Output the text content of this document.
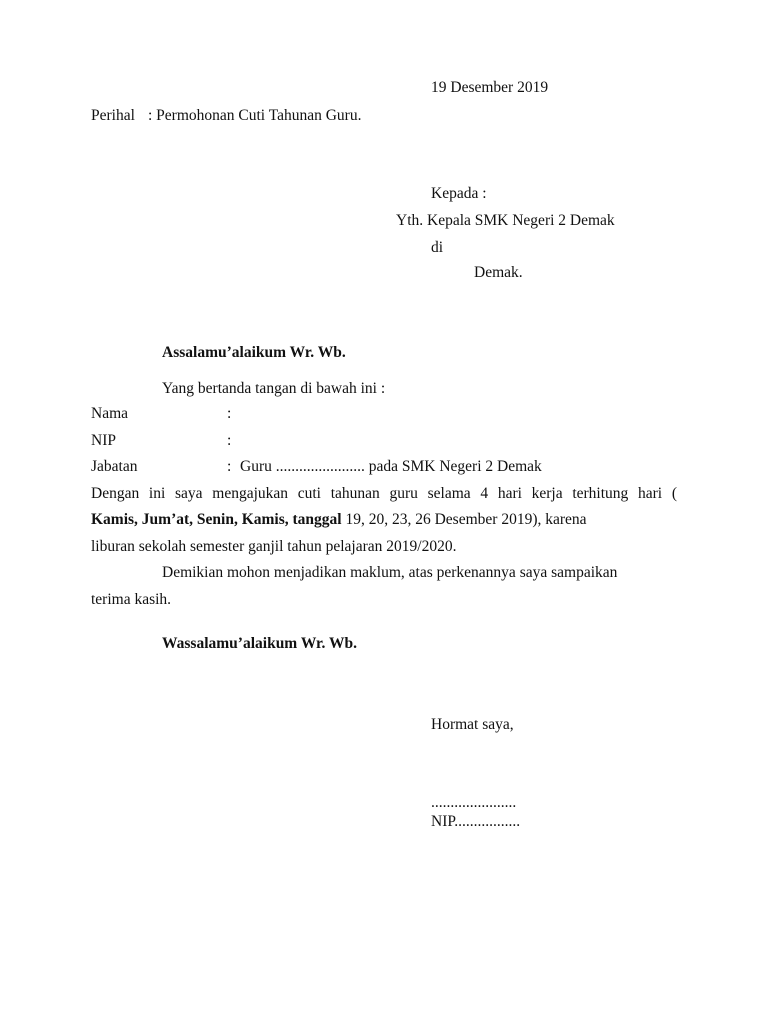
19 Desember 2019
Perihal : Permohonan Cuti Tahunan Guru.
Kepada :
Yth. Kepala SMK Negeri 2 Demak
di
Demak.
Assalamu’alaikum Wr. Wb.
Yang bertanda tangan di bawah ini :
Nama	:
NIP	:
Jabatan	: Guru ....................... pada SMK Negeri 2 Demak
Dengan ini saya mengajukan cuti tahunan guru selama 4 hari kerja terhitung hari (
Kamis, Jum’at, Senin, Kamis, tanggal 19, 20, 23, 26 Desember 2019), karena
liburan sekolah semester ganjil tahun pelajaran 2019/2020.
Demikian mohon menjadikan maklum, atas perkenannya saya sampaikan
terima kasih.
Wassalamu’alaikum Wr. Wb.
Hormat saya,
......................
NIP.................
